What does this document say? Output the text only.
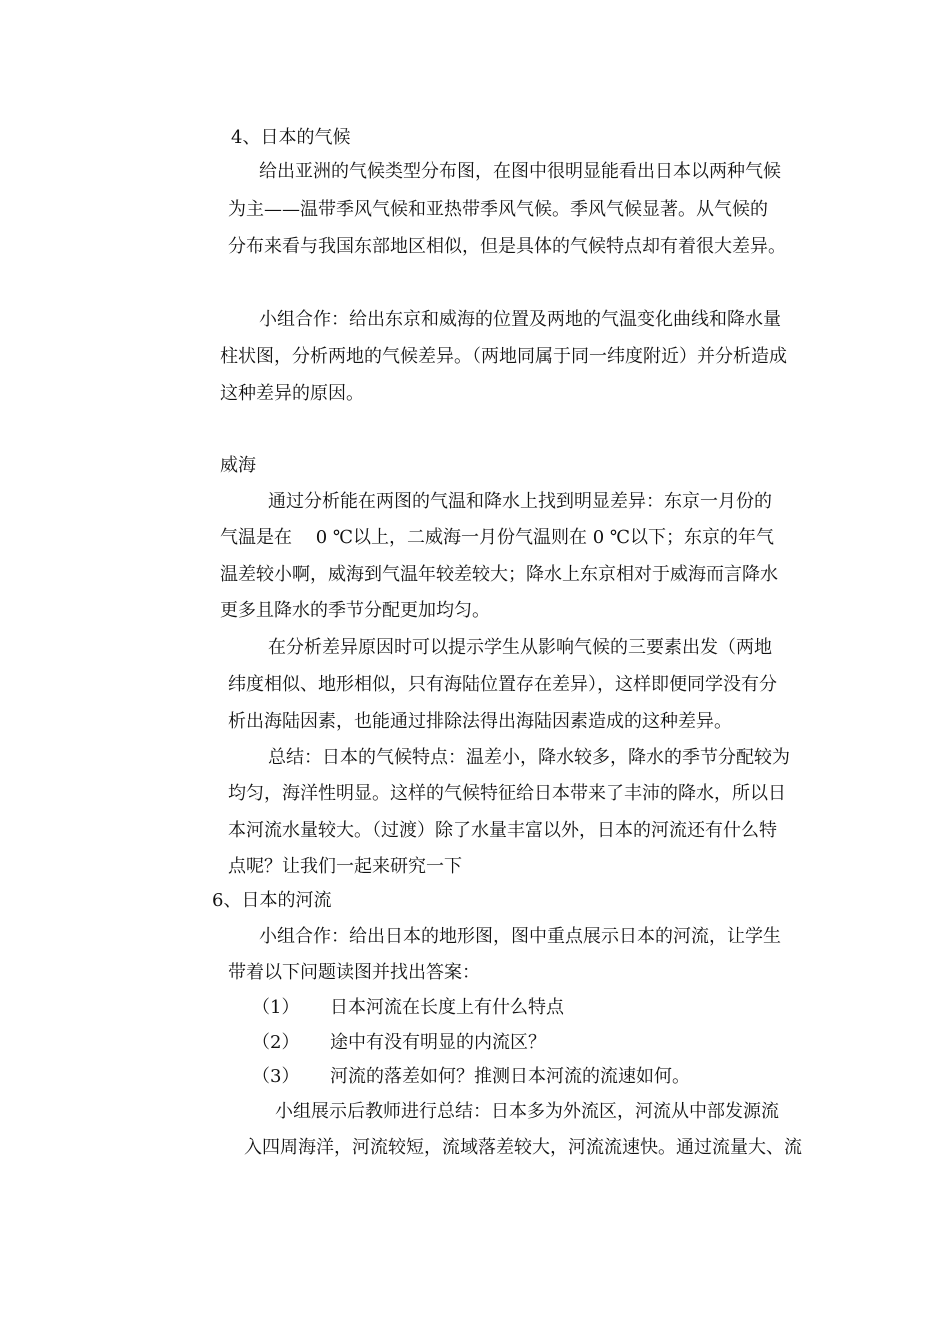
4、日本的气候
给出亚洲的气候类型分布图，在图中很明显能看出日本以两种气候
为主——温带季风气候和亚热带季风气候。季风气候显著。从气候的
分布来看与我国东部地区相似，但是具体的气候特点却有着很大差异。
小组合作：给出东京和威海的位置及两地的气温变化曲线和降水量
柱状图，分析两地的气候差异。（两地同属于同一纬度附近）并分析造成
这种差异的原因。
威海
通过分析能在两图的气温和降水上找到明显差异：东京一月份的
气温是在　 0 ℃以上，二威海一月份气温则在 0 ℃以下；东京的年气
温差较小啊，威海到气温年较差较大；降水上东京相对于威海而言降水
更多且降水的季节分配更加均匀。
在分析差异原因时可以提示学生从影响气候的三要素出发（两地
纬度相似、地形相似，只有海陆位置存在差异），这样即便同学没有分
析出海陆因素，也能通过排除法得出海陆因素造成的这种差异。
总结：日本的气候特点：温差小，降水较多，降水的季节分配较为
均匀，海洋性明显。这样的气候特征给日本带来了丰沛的降水，所以日
本河流水量较大。（过渡）除了水量丰富以外，日本的河流还有什么特
点呢？让我们一起来研究一下
6、日本的河流
小组合作：给出日本的地形图，图中重点展示日本的河流，让学生
带着以下问题读图并找出答案：
（1） 日本河流在长度上有什么特点
（2） 途中有没有明显的内流区？
（3） 河流的落差如何？推测日本河流的流速如何。
小组展示后教师进行总结：日本多为外流区，河流从中部发源流
入四周海洋，河流较短，流域落差较大，河流流速快。通过流量大、流
